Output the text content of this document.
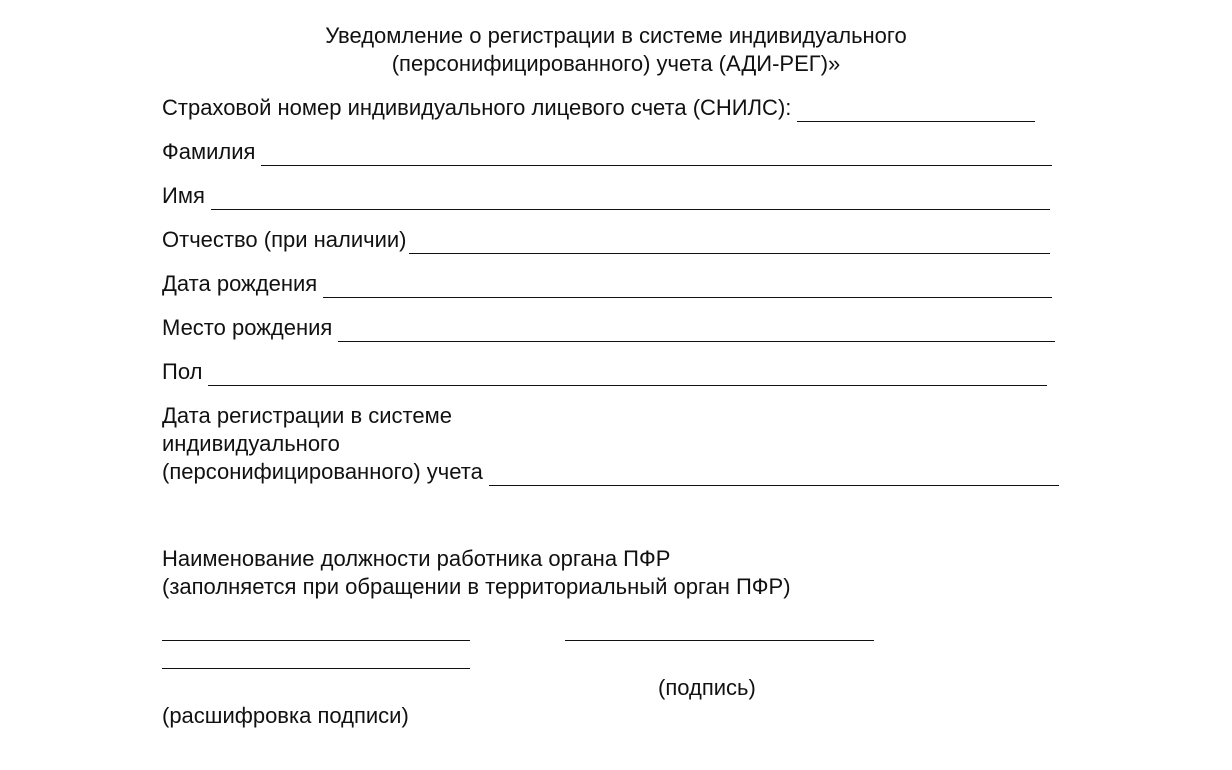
Уведомление о регистрации в системе индивидуального
(персонифицированного) учета (АДИ-РЕГ)»
Страховой номер индивидуального лицевого счета (СНИЛС):
Фамилия
Имя
Отчество (при наличии)
Дата рождения
Место рождения
Пол
Дата регистрации в системе
индивидуального
(персонифицированного) учета
Наименование должности работника органа ПФР
(заполняется при обращении в территориальный орган ПФР)
(подпись)
(расшифровка подписи)
